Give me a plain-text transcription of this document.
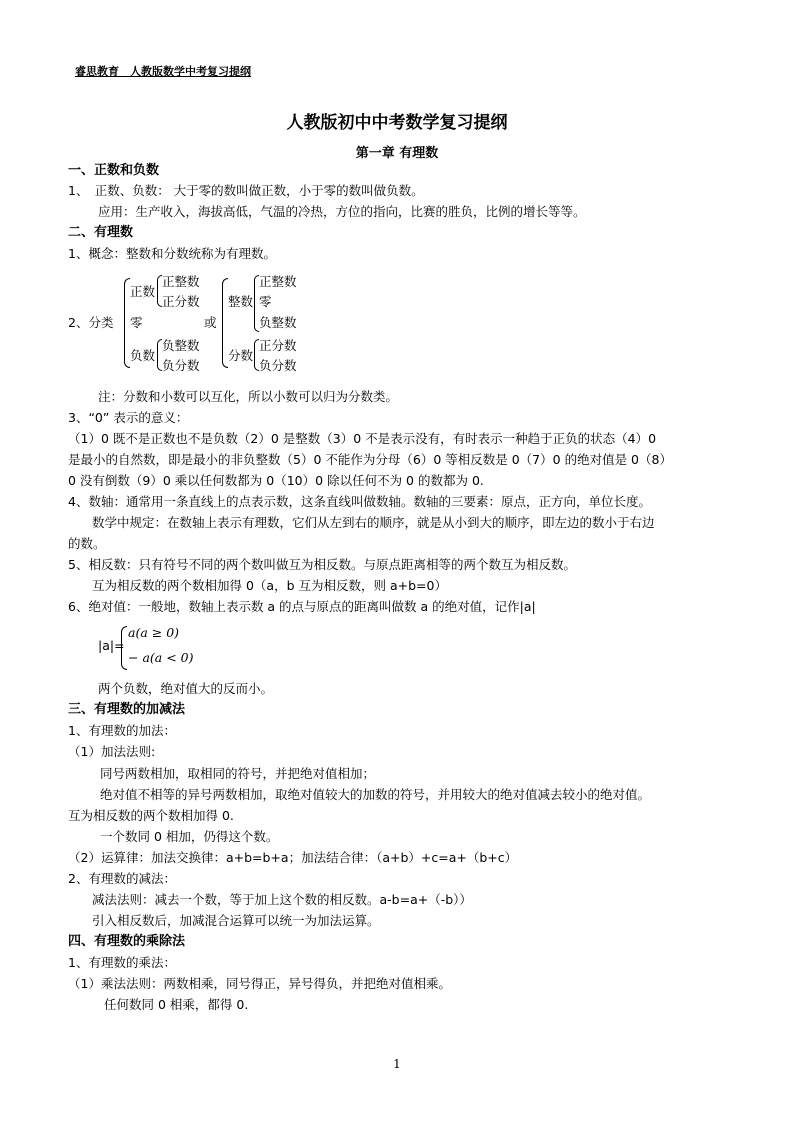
睿思教育　人教版数学中考复习提纲
人教版初中中考数学复习提纲
第一章 有理数
一、正数和负数
1、　正数、负数： 大于零的数叫做正数，小于零的数叫做负数。
应用：生产收入，海拔高低，气温的冷热，方位的指向，比赛的胜负，比例的增长等等。
二、有理数
1、概念：整数和分数统称为有理数。
2、分类
正数
正整数
正分数
零
负数
负整数
负分数
或
整数
正整数
零
负整数
分数
正分数
负分数
注：分数和小数可以互化，所以小数可以归为分数类。
3、“0” 表示的意义：
（1）0 既不是正数也不是负数（2）0 是整数（3）0 不是表示没有，有时表示一种趋于正负的状态（4）0
是最小的自然数，即是最小的非负整数（5）0 不能作为分母（6）0 等相反数是 0（7）0 的绝对值是 0（8）
0 没有倒数（9）0 乘以任何数都为 0（10）0 除以任何不为 0 的数都为 0.
4、数轴：通常用一条直线上的点表示数，这条直线叫做数轴。数轴的三要素：原点，正方向，单位长度。
数学中规定：在数轴上表示有理数，它们从左到右的顺序，就是从小到大的顺序，即左边的数小于右边
的数。
5、相反数：只有符号不同的两个数叫做互为相反数。与原点距离相等的两个数互为相反数。
互为相反数的两个数相加得 0（a，b 互为相反数，则 a+b=0）
6、绝对值：一般地，数轴上表示数 a 的点与原点的距离叫做数 a 的绝对值，记作|a|
|a|=
a(a ≥ 0)
− a(a < 0)
两个负数，绝对值大的反而小。
三、有理数的加减法
1、有理数的加法：
（1）加法法则:
同号两数相加，取相同的符号，并把绝对值相加；
绝对值不相等的异号两数相加，取绝对值较大的加数的符号，并用较大的绝对值减去较小的绝对值。
互为相反数的两个数相加得 0.
一个数同 0 相加，仍得这个数。
（2）运算律：加法交换律：a+b=b+a；加法结合律：（a+b）+c=a+（b+c）
2、有理数的减法：
减法法则：减去一个数，等于加上这个数的相反数。a-b=a+（-b））
引入相反数后，加减混合运算可以统一为加法运算。
四、有理数的乘除法
1、有理数的乘法：
（1）乘法法则：两数相乘，同号得正，异号得负，并把绝对值相乘。
任何数同 0 相乘，都得 0.
1
